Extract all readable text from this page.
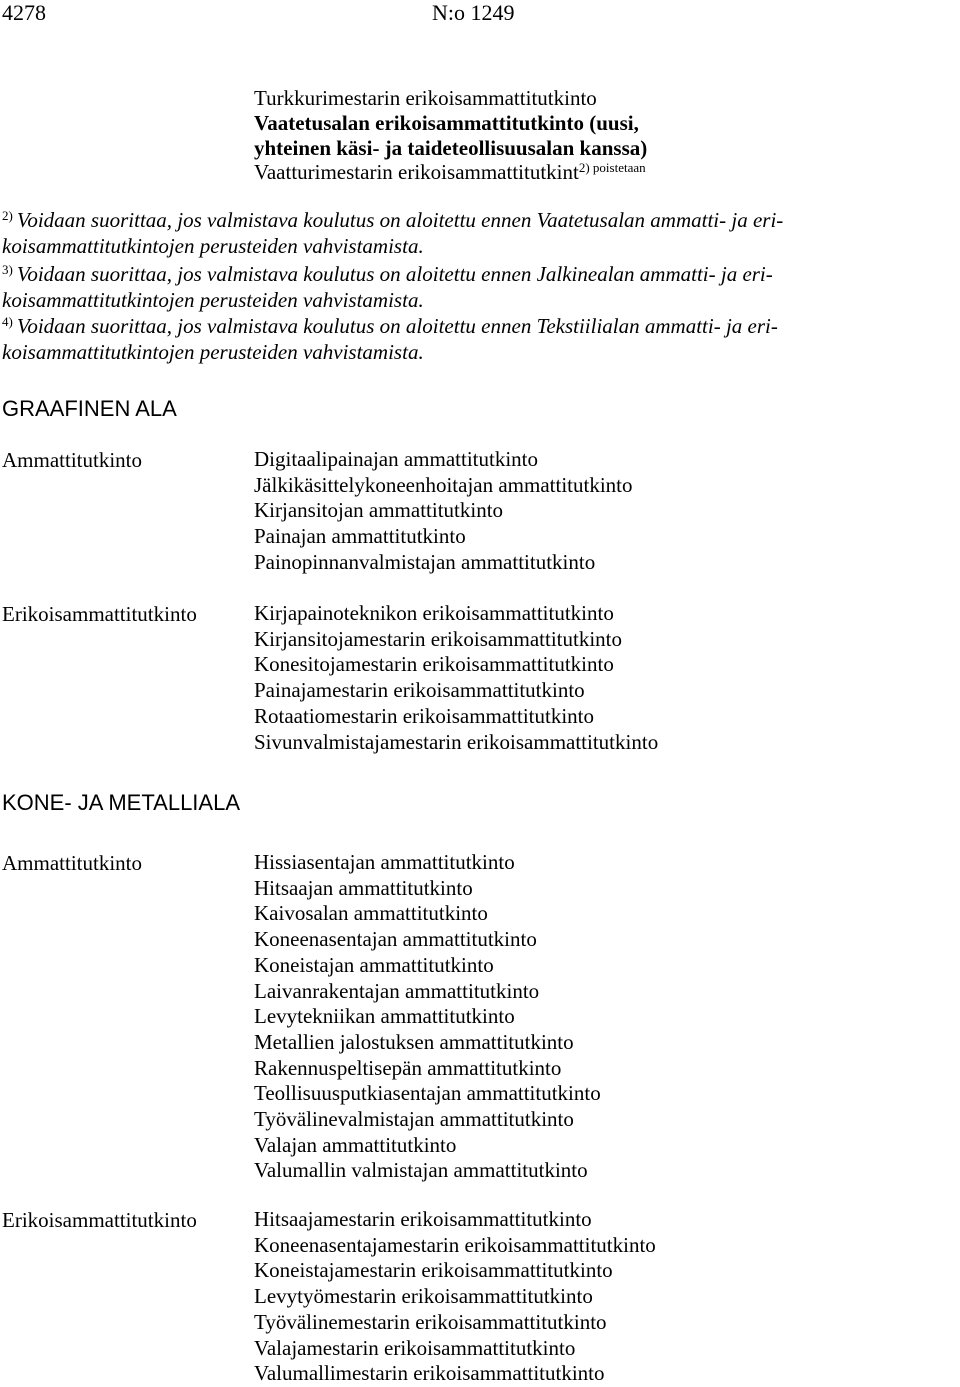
4278	N:o 1249
Turkkurimestarin erikoisammattitutkinto
Vaatetusalan erikoisammattitutkinto (uusi,
yhteinen käsi- ja taideteollisuusalan kanssa)
Vaatturimestarin erikoisammattitutkint$^{2) poistetaan}$
$^{2)}$ Voidaan suorittaa, jos valmistava koulutus on aloitettu ennen Vaatetusalan ammatti- ja eri-
koisammattitutkintojen perusteiden vahvistamista.
$^{3)}$ Voidaan suorittaa, jos valmistava koulutus on aloitettu ennen Jalkinealan ammatti- ja eri-
koisammattitutkintojen perusteiden vahvistamista.
$^{4)}$ Voidaan suorittaa, jos valmistava koulutus on aloitettu ennen Tekstiilialan ammatti- ja eri-
koisammattitutkintojen perusteiden vahvistamista.
GRAAFINEN ALA
Ammattitutkinto	Digitaalipainajan ammattitutkinto
Jälkikäsittelykoneenhoitajan ammattitutkinto
Kirjansitojan ammattitutkinto
Painajan ammattitutkinto
Painopinnanvalmistajan ammattitutkinto
Erikoisammattitutkinto	Kirjapainoteknikon erikoisammattitutkinto
Kirjansitojamestarin erikoisammattitutkinto
Konesitojamestarin erikoisammattitutkinto
Painajamestarin erikoisammattitutkinto
Rotaatiomestarin erikoisammattitutkinto
Sivunvalmistajamestarin erikoisammattitutkinto
KONE- JA METALLIALA
Ammattitutkinto	Hissiasentajan ammattitutkinto
Hitsaajan ammattitutkinto
Kaivosalan ammattitutkinto
Koneenasentajan ammattitutkinto
Koneistajan ammattitutkinto
Laivanrakentajan ammattitutkinto
Levytekniikan ammattitutkinto
Metallien jalostuksen ammattitutkinto
Rakennuspeltisepän ammattitutkinto
Teollisuusputkiasentajan ammattitutkinto
Työvälinevalmistajan ammattitutkinto
Valajan ammattitutkinto
Valumallin valmistajan ammattitutkinto
Erikoisammattitutkinto	Hitsaajamestarin erikoisammattitutkinto
Koneenasentajamestarin erikoisammattitutkinto
Koneistajamestarin erikoisammattitutkinto
Levytyömestarin erikoisammattitutkinto
Työvälinemestarin erikoisammattitutkinto
Valajamestarin erikoisammattitutkinto
Valumallimestarin erikoisammattitutkinto
